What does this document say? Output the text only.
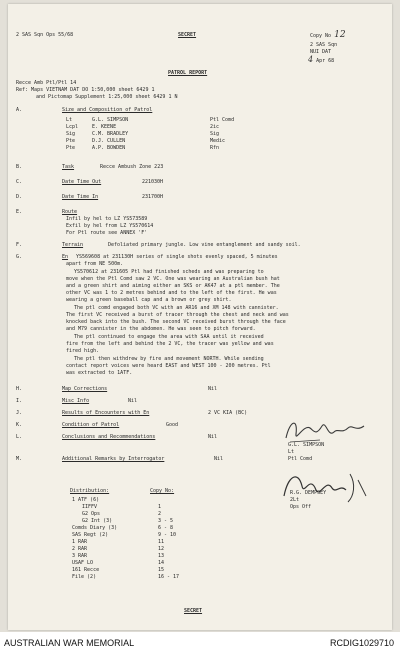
2 SAS Sqn Ops 55/68	SECRET	Copy No 12
2 SAS Sqn
NUI DAT
4 Apr 68
PATROL REPORT
Recce Amb Ptl/Ptl 14
Ref: Maps VIETNAM DAT DO 1:50,000 sheet 6429 1
and Pictomap Supplement 1:25,000 sheet 6429 1 N
A.	Size and Composition of Patrol
Lt	G.L. SIMPSON	Ptl Comd
Lcpl	E. KEENE	2ic
Sig	C.M. BRADLEY	Sig
Pte	D.J. CULLEN	Medic
Pte	A.P. BOWDEN	Rfn
B.	Task	Recce Ambush Zone 223
C.	Date Time Out	221030H
D.	Date Time In	231700H
E.	Route
Infil by hel to LZ YS573589
Exfil by hel from LZ YS570614
For Ptl route see ANNEX 'F'
F.	Terrain	Defoliated primary jungle. Low vine entanglement and sandy soil.
G.	En YS569608 at 231130H series of single shots evenly spaced, 5 minutes
apart from NE 500m.
YS570612 at 231605 Ptl had finished scheds and was preparing to
move when the Ptl Comd saw 2 VC. One was wearing an Australian bush hat
and a green shirt and aiming either an SKS or AK47 at a ptl member. The
other VC was 1 to 2 metres behind and to the left of the first. He was
wearing a green baseball cap and a brown or grey shirt.
The ptl comd engaged both VC with an AR16 and XM 148 with cannister.
The first VC received a burst of tracer through the chest and neck and was
knocked back into the bush. The second VC received burst through the face
and M79 cannister in the abdomen. He was seen to pitch forward.
The ptl continued to engage the area with SAA until it received
fire from the left and behind the 2 VC, the tracer was yellow and was
fired high.
The ptl then withdrew by fire and movement NORTH. While sending
contact report voices were heard EAST and WEST 100 - 200 metres. Ptl
was extracted to 1ATF.
H.	Map Corrections	Nil
I.	Misc Info	Nil
J.	Results of Encounters with En	2 VC KIA (BC)
K.	Condition of Patrol	Good
L.	Conclusions and Recommendations	Nil
M.	Additional Remarks by Interrogator	Nil
G.L. SIMPSON
Lt
Ptl Comd
R.G. DEMPSEY
2Lt
Ops Off
Distribution:	Copy No:
1 ATF (6)
IIFFV	1
G2 Ops	2
G2 Int (3)	3 - 5
Comds Diary (3)	6 - 8
SAS Regt (2)	9 - 10
1 RAR	11
2 RAR	12
3 RAR	13
USAF LO	14
161 Recce	15
File (2)	16 - 17
SECRET
AUSTRALIAN WAR MEMORIAL	RCDIG1029710
